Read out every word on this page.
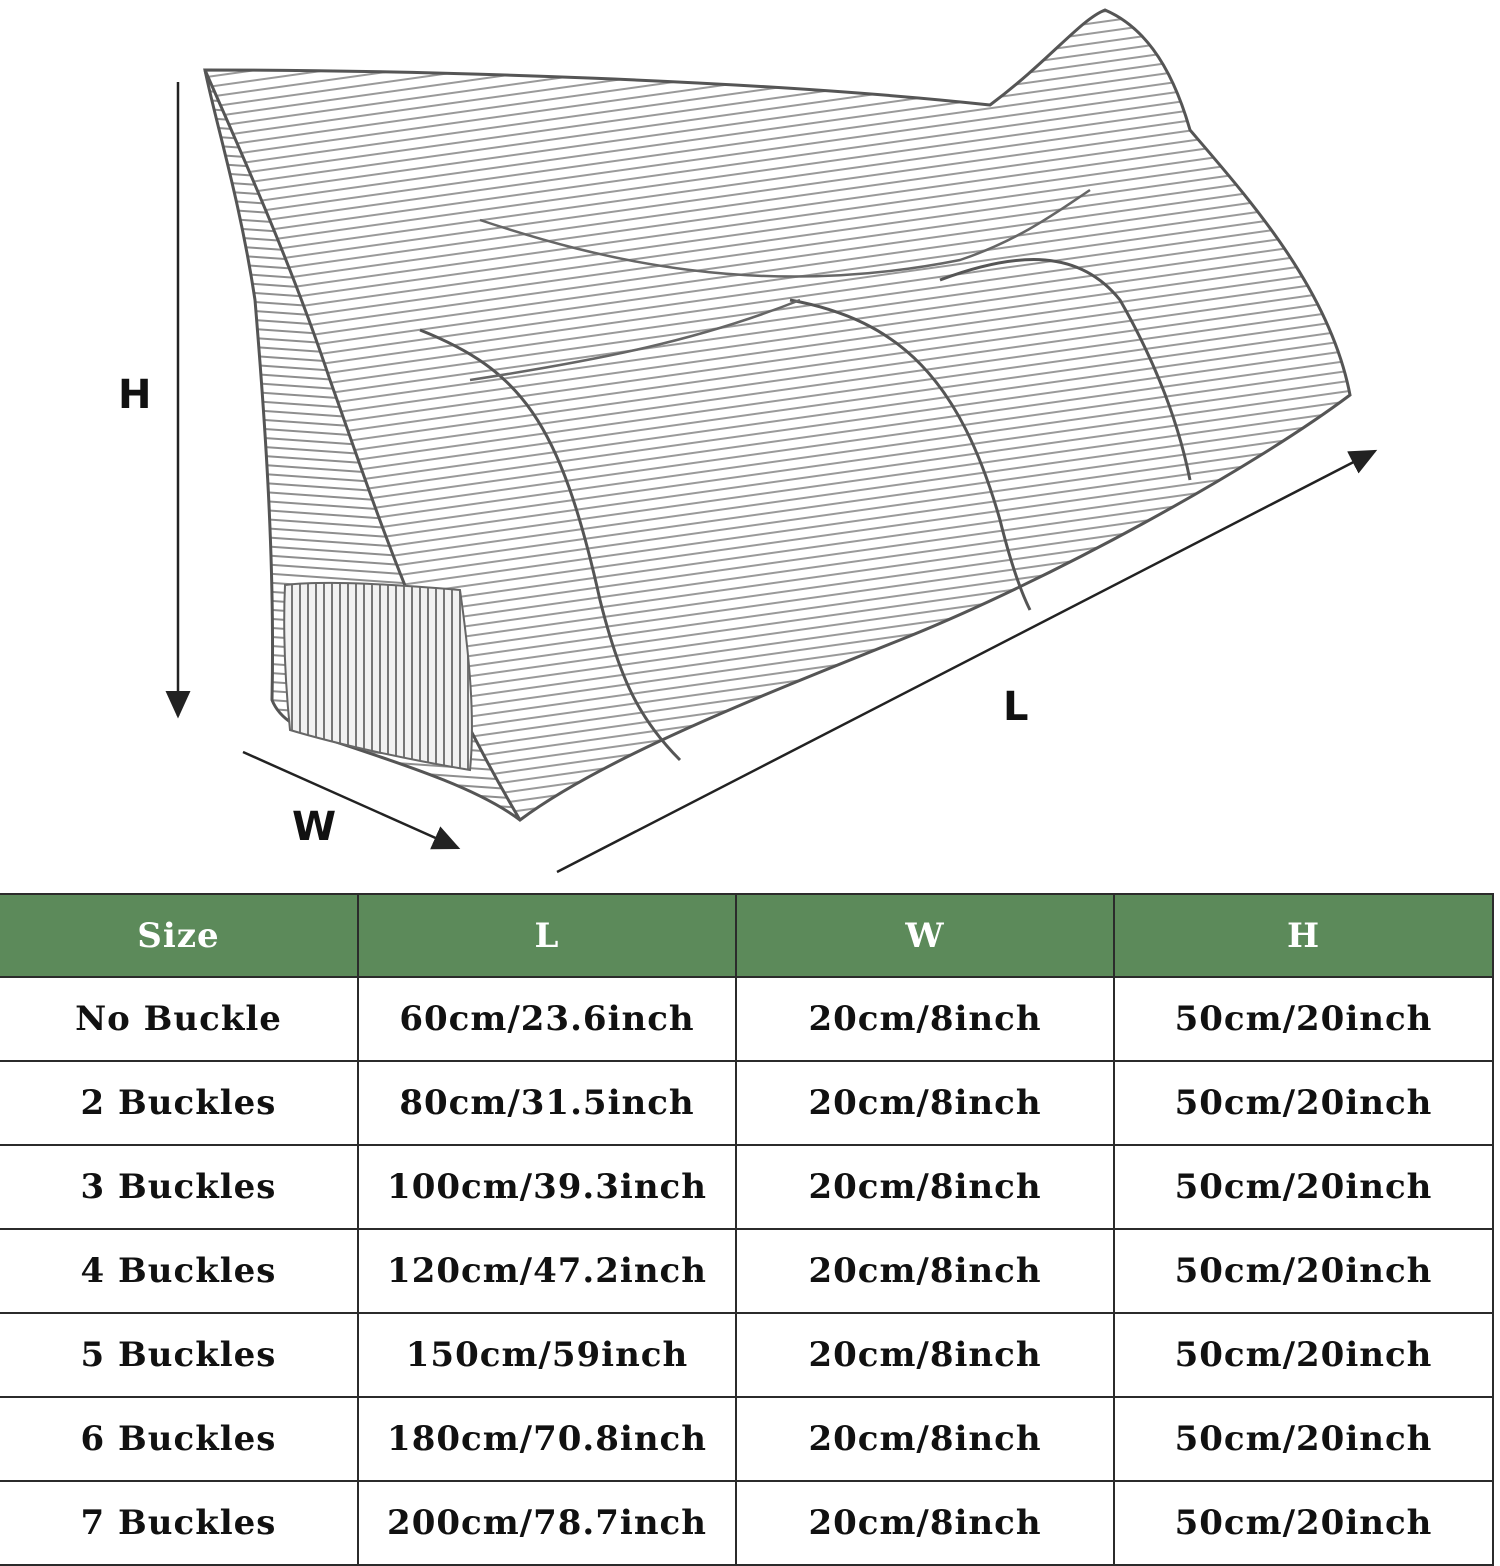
H
W
L
Size	L	W	H
No Buckle	60cm/23.6inch	20cm/8inch	50cm/20inch
2 Buckles	80cm/31.5inch	20cm/8inch	50cm/20inch
3 Buckles	100cm/39.3inch	20cm/8inch	50cm/20inch
4 Buckles	120cm/47.2inch	20cm/8inch	50cm/20inch
5 Buckles	150cm/59inch	20cm/8inch	50cm/20inch
6 Buckles	180cm/70.8inch	20cm/8inch	50cm/20inch
7 Buckles	200cm/78.7inch	20cm/8inch	50cm/20inch
